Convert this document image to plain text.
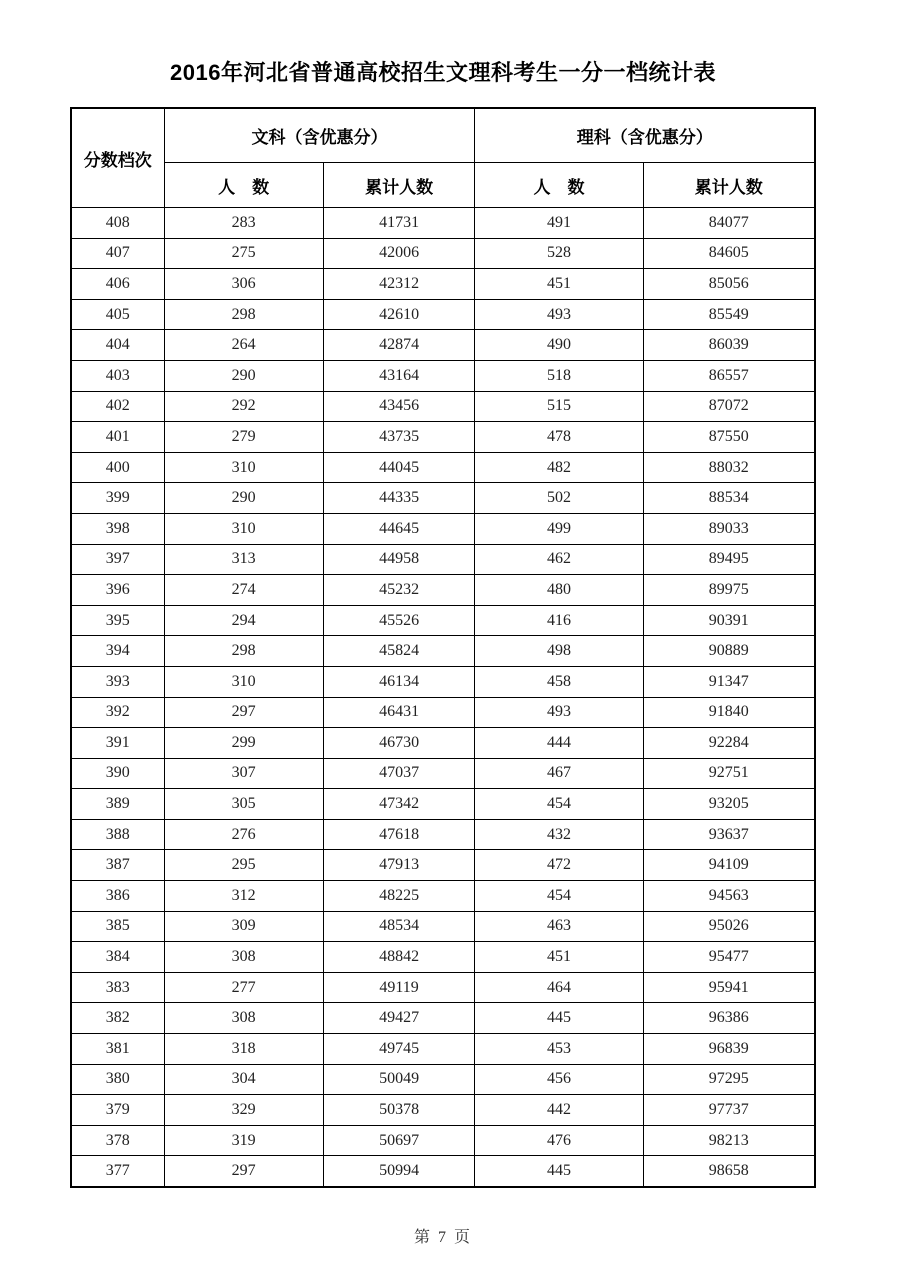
2016年河北省普通高校招生文理科考生一分一档统计表
分数档次	文科（含优惠分）		理科（含优惠分）	
	人　数	累计人数	人　数	累计人数
408	283	41731	491	84077
407	275	42006	528	84605
406	306	42312	451	85056
405	298	42610	493	85549
404	264	42874	490	86039
403	290	43164	518	86557
402	292	43456	515	87072
401	279	43735	478	87550
400	310	44045	482	88032
399	290	44335	502	88534
398	310	44645	499	89033
397	313	44958	462	89495
396	274	45232	480	89975
395	294	45526	416	90391
394	298	45824	498	90889
393	310	46134	458	91347
392	297	46431	493	91840
391	299	46730	444	92284
390	307	47037	467	92751
389	305	47342	454	93205
388	276	47618	432	93637
387	295	47913	472	94109
386	312	48225	454	94563
385	309	48534	463	95026
384	308	48842	451	95477
383	277	49119	464	95941
382	308	49427	445	96386
381	318	49745	453	96839
380	304	50049	456	97295
379	329	50378	442	97737
378	319	50697	476	98213
377	297	50994	445	98658
第 7 页
